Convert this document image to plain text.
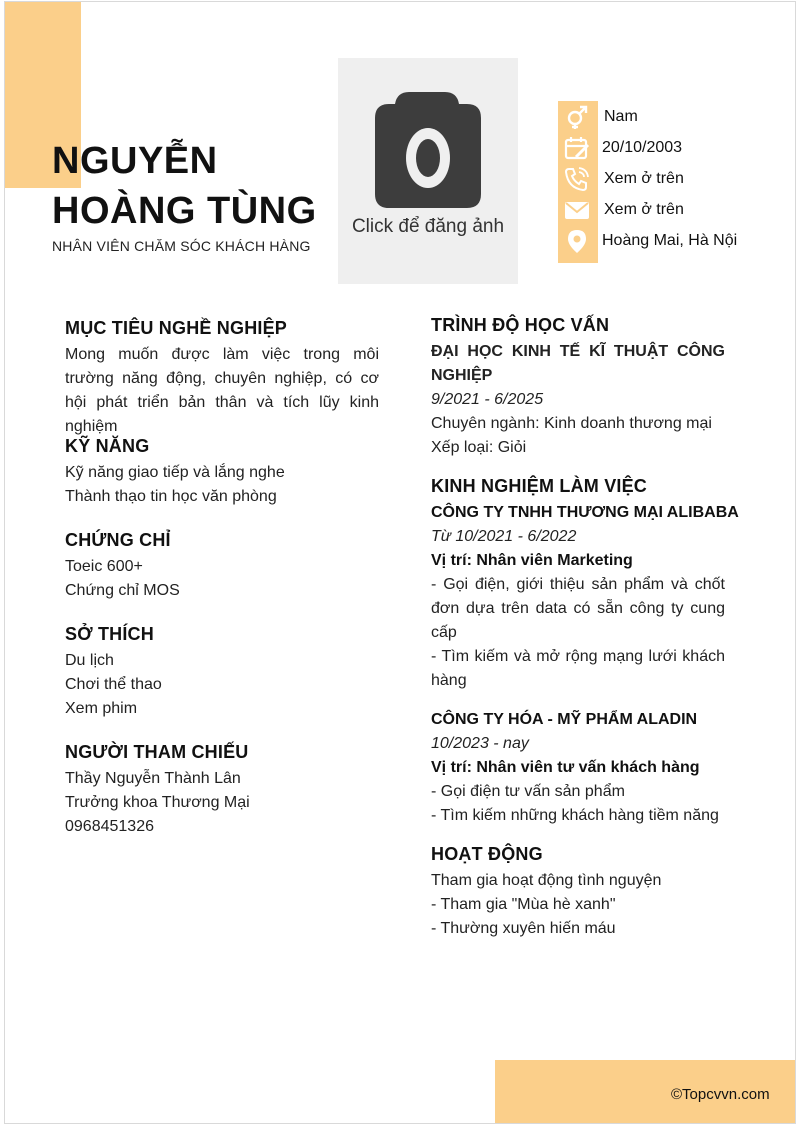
NGUYỄN
HOÀNG TÙNG
NHÂN VIÊN CHĂM SÓC KHÁCH HÀNG
Click để đăng ảnh
Nam
20/10/2003
Xem ở trên
Xem ở trên
Hoàng Mai, Hà Nội
MỤC TIÊU NGHỀ NGHIỆP
Mong muốn được làm việc trong môi trường năng động, chuyên nghiệp, có cơ hội phát triển bản thân và tích lũy kinh nghiệm
KỸ NĂNG
Kỹ năng giao tiếp và lắng nghe
Thành thạo tin học văn phòng
CHỨNG CHỈ
Toeic 600+
Chứng chỉ MOS
SỞ THÍCH
Du lịch
Chơi thể thao
Xem phim
NGƯỜI THAM CHIẾU
Thầy Nguyễn Thành Lân
Trưởng khoa Thương Mại
0968451326
TRÌNH ĐỘ HỌC VẤN
ĐẠI HỌC KINH TẾ KĨ THUẬT CÔNG NGHIỆP
9/2021 - 6/2025
Chuyên ngành: Kinh doanh thương mại
Xếp loại: Giỏi
KINH NGHIỆM LÀM VIỆC
CÔNG TY TNHH THƯƠNG MẠI ALIBABA
Từ 10/2021 - 6/2022
Vị trí: Nhân viên Marketing
- Gọi điện, giới thiệu sản phẩm và chốt đơn dựa trên data có sẵn công ty cung cấp
- Tìm kiếm và mở rộng mạng lưới khách hàng
CÔNG TY HÓA - MỸ PHẨM ALADIN
10/2023 - nay
Vị trí: Nhân viên tư vấn khách hàng
- Gọi điện tư vấn sản phẩm
- Tìm kiếm những khách hàng tiềm năng
HOẠT ĐỘNG
Tham gia hoạt động tình nguyện
- Tham gia "Mùa hè xanh"
- Thường xuyên hiến máu
©Topcvvn.com
